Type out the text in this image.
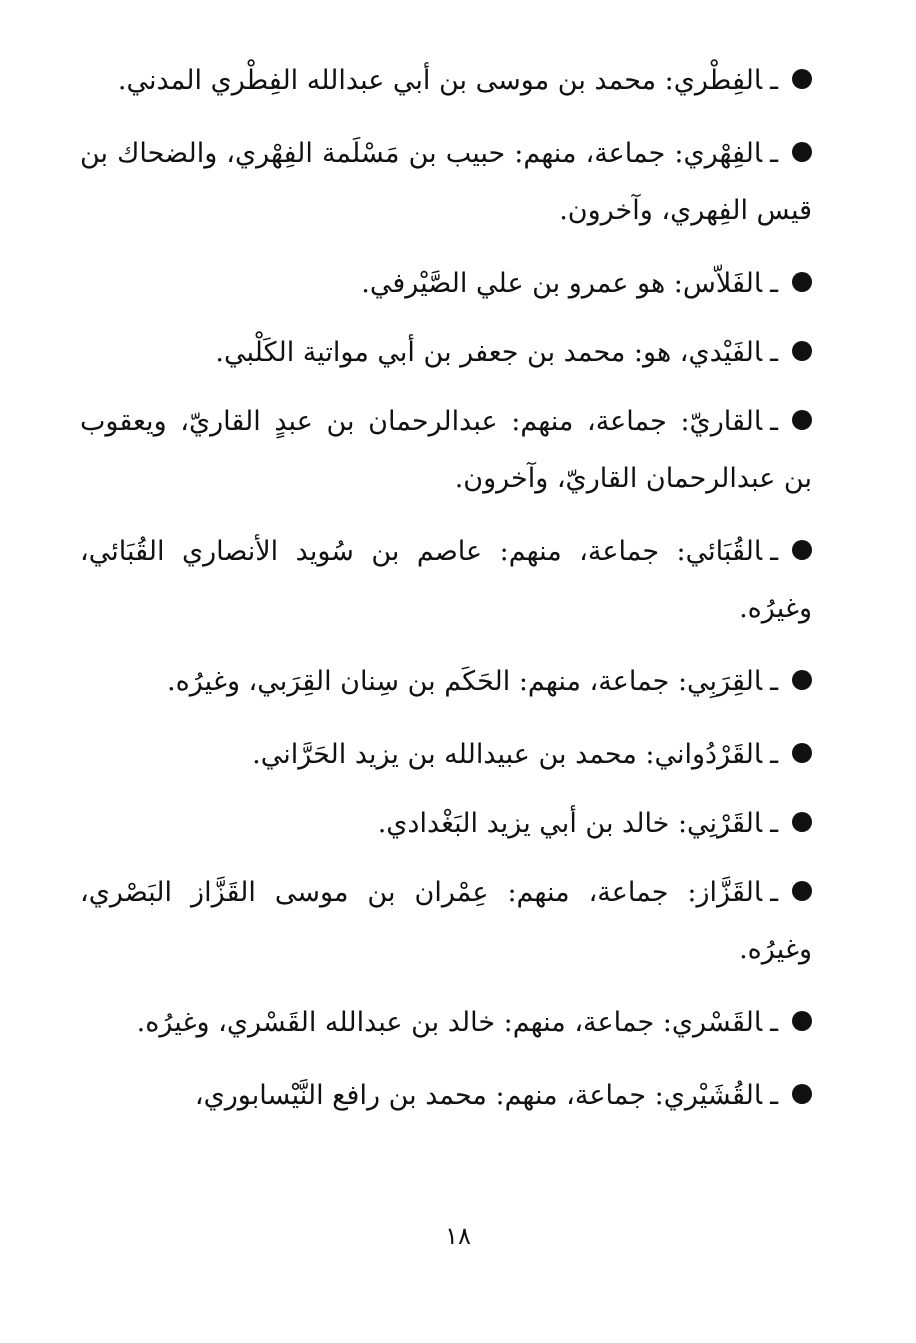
ـالفِطْري: محمد بن موسى بن أبي عبدالله الفِطْري المدني.

ـالفِهْري: جماعة، منهم: حبيب بن مَسْلَمة الفِهْري، والضحاك بن قيس الفِهري، وآخرون.

ـالفَلاّس: هو عمرو بن علي الصَّيْرفي.

ـالفَيْدي، هو: محمد بن جعفر بن أبي مواتية الكَلْبي.

ـالقاريّ: جماعة، منهم: عبدالرحمان بن عبدٍ القاريّ، ويعقوب بن عبدالرحمان القاريّ، وآخرون.

ـالقُبَائي: جماعة، منهم: عاصم بن سُويد الأنصاري القُبَائي، وغيرُه.

ـالقِرَبِي: جماعة، منهم: الحَكَم بن سِنان القِرَبي، وغيرُه.

ـالقَرْدُواني: محمد بن عبيدالله بن يزيد الحَرَّاني.

ـالقَرْنِي: خالد بن أبي يزيد البَغْدادي.

ـالقَزَّاز: جماعة، منهم: عِمْران بن موسى القَزَّاز البَصْري، وغيرُه.

ـالقَسْري: جماعة، منهم: خالد بن عبدالله القَسْري، وغيرُه.

ـالقُشَيْري: جماعة، منهم: محمد بن رافع النَّيْسابوري،

١٨
